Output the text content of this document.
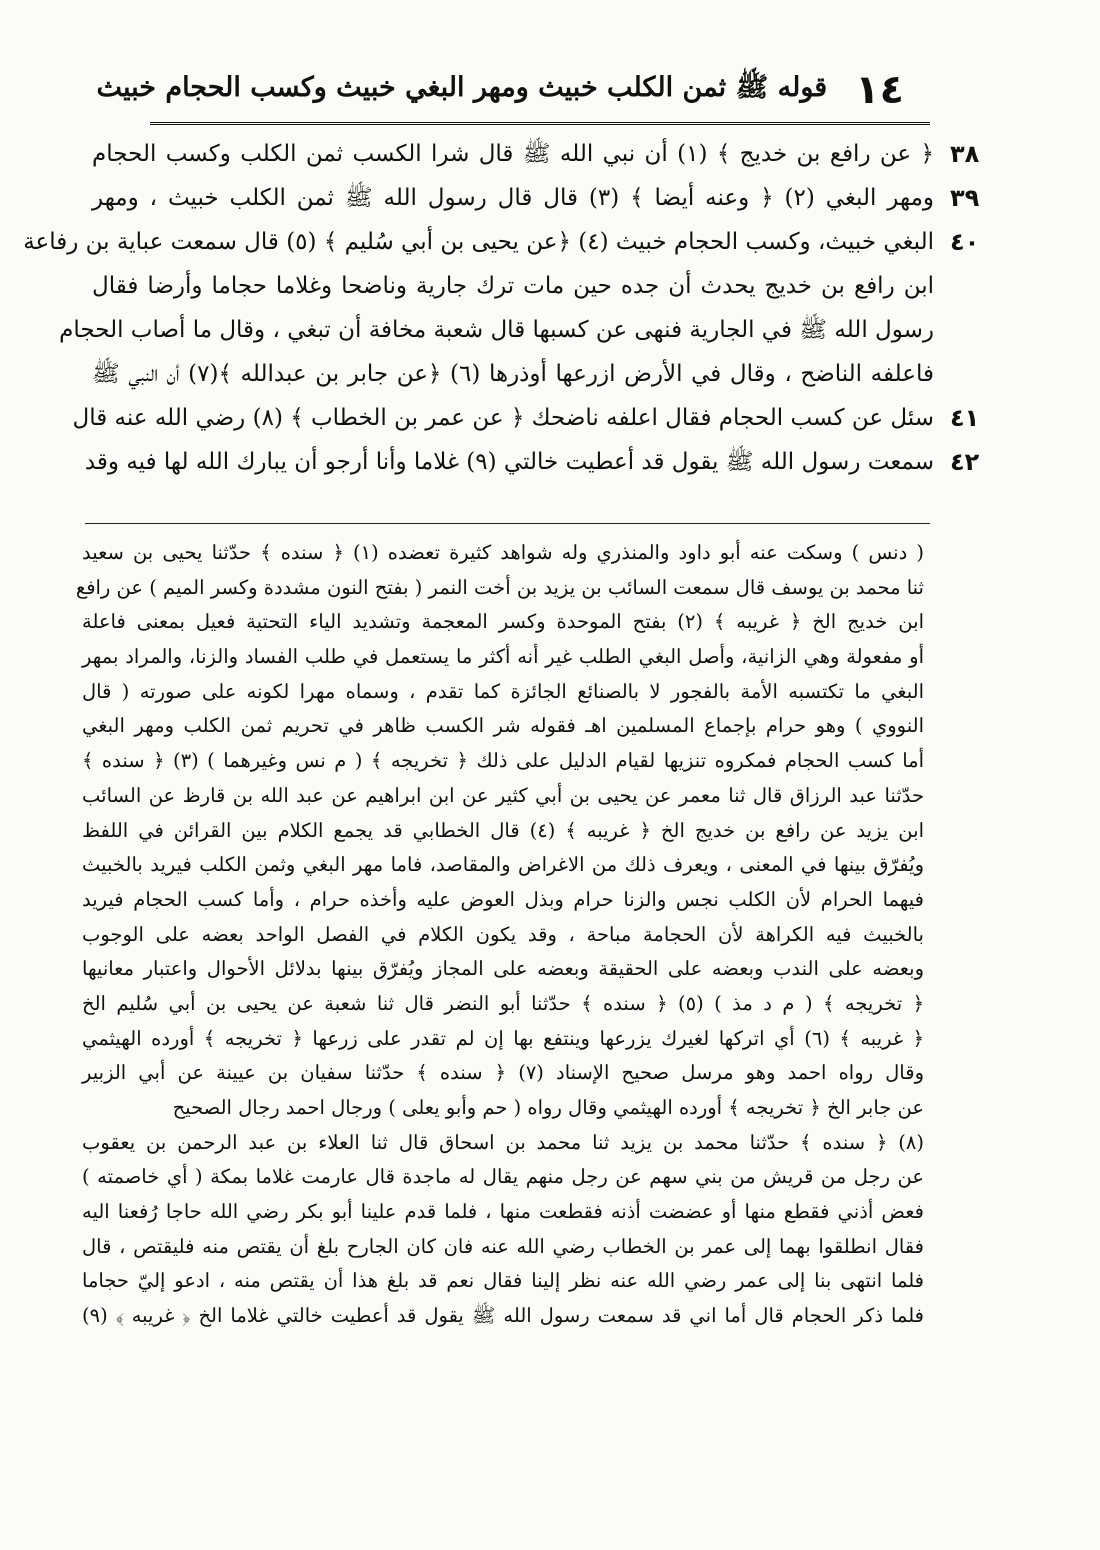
١٤
قوله ﷺ ثمن الكلب خبيث ومهر البغي خبيث وكسب الحجام خبيث
٣٨
٣٩
٤٠
٤١
٤٢
﴿ عن رافع بن خديج ﴾ (١) أن نبي الله ﷺ قال شرا الكسب ثمن الكلب وكسب الحجام
ومهر البغي (٢) ﴿ وعنه أيضا ﴾ (٣) قال قال رسول الله ﷺ ثمن الكلب خبيث ، ومهر
البغي خبيث، وكسب الحجام خبيث (٤) ﴿عن يحيى بن أبي سُليم ﴾ (٥) قال سمعت عباية بن رفاعة
ابن رافع بن خديج يحدث أن جده حين مات ترك جارية وناضحا وغلاما حجاما وأرضا فقال
رسول الله ﷺ في الجارية فنهى عن كسبها قال شعبة مخافة أن تبغي ، وقال ما أصاب الحجام
فاعلفه الناضح ، وقال في الأرض ازرعها أوذرها (٦) ﴿عن جابر بن عبدالله ﴾(٧) أن النبي ﷺ
سئل عن كسب الحجام فقال اعلفه ناضحك ﴿ عن عمر بن الخطاب ﴾ (٨) رضي الله عنه قال
سمعت رسول الله ﷺ يقول قد أعطيت خالتي (٩) غلاما وأنا أرجو أن يبارك الله لها فيه وقد
( دنس ) وسكت عنه أبو داود والمنذري وله شواهد كثيرة تعضده (١) ﴿ سنده ﴾ حدّثنا يحيى بن سعيد
ثنا محمد بن يوسف قال سمعت السائب بن يزيد بن أخت النمر ( بفتح النون مشددة وكسر الميم ) عن رافع
ابن خديج الخ ﴿ غريبه ﴾ (٢) بفتح الموحدة وكسر المعجمة وتشديد الياء التحتية فعيل بمعنى فاعلة
أو مفعولة وهي الزانية، وأصل البغي الطلب غير أنه أكثر ما يستعمل في طلب الفساد والزنا، والمراد بمهر
البغي ما تكتسبه الأمة بالفجور لا بالصنائع الجائزة كما تقدم ، وسماه مهرا لكونه على صورته ( قال
النووي ) وهو حرام بإجماع المسلمين اهـ فقوله شر الكسب ظاهر في تحريم ثمن الكلب ومهر البغي
أما كسب الحجام فمكروه تنزيها لقيام الدليل على ذلك ﴿ تخريجه ﴾ ( م نس وغيرهما ) (٣) ﴿ سنده ﴾
حدّثنا عبد الرزاق قال ثنا معمر عن يحيى بن أبي كثير عن ابن ابراهيم عن عبد الله بن قارظ عن السائب
ابن يزيد عن رافع بن خديج الخ ﴿ غريبه ﴾ (٤) قال الخطابي قد يجمع الكلام بين القرائن في اللفظ
ويُفرّق بينها في المعنى ، ويعرف ذلك من الاغراض والمقاصد، فاما مهر البغي وثمن الكلب فيريد بالخبيث
فيهما الحرام لأن الكلب نجس والزنا حرام وبذل العوض عليه وأخذه حرام ، وأما كسب الحجام فيريد
بالخبيث فيه الكراهة لأن الحجامة مباحة ، وقد يكون الكلام في الفصل الواحد بعضه على الوجوب
وبعضه على الندب وبعضه على الحقيقة وبعضه على المجاز ويُفرّق بينها بدلائل الأحوال واعتبار معانيها
﴿ تخريجه ﴾ ( م د مذ ) (٥) ﴿ سنده ﴾ حدّثنا أبو النضر قال ثنا شعبة عن يحيى بن أبي سُليم الخ
﴿ غريبه ﴾ (٦) أي اتركها لغيرك يزرعها وينتفع بها إن لم تقدر على زرعها ﴿ تخريجه ﴾ أورده الهيثمي
وقال رواه احمد وهو مرسل صحيح الإسناد (٧) ﴿ سنده ﴾ حدّثنا سفيان بن عيينة عن أبي الزبير
عن جابر الخ ﴿ تخريجه ﴾ أورده الهيثمي وقال رواه ( حم وأبو يعلى ) ورجال احمد رجال الصحيح
(٨) ﴿ سنده ﴾ حدّثنا محمد بن يزيد ثنا محمد بن اسحاق قال ثنا العلاء بن عبد الرحمن بن يعقوب
عن رجل من قريش من بني سهم عن رجل منهم يقال له ماجدة قال عارمت غلاما بمكة ( أي خاصمته )
فعض أذني فقطع منها أو عضضت أذنه فقطعت منها ، فلما قدم علينا أبو بكر رضي الله حاجا رُفعنا اليه
فقال انطلقوا بهما إلى عمر بن الخطاب رضي الله عنه فان كان الجارح بلغ أن يقتص منه فليقتص ، قال
فلما انتهى بنا إلى عمر رضي الله عنه نظر إلينا فقال نعم قد بلغ هذا أن يقتص منه ، ادعو إليّ حجاما
فلما ذكر الحجام قال أما اني قد سمعت رسول الله ﷺ يقول قد أعطيت خالتي غلاما الخ ﴿ غريبه ﴾ (٩)
